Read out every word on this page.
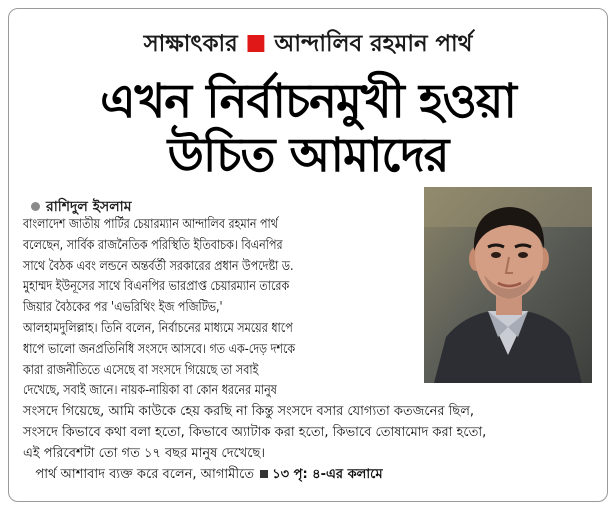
সাক্ষাৎকার আন্দালিব রহমান পার্থ
এখন নির্বাচনমুখী হওয়া
উচিত আমাদের
রাশিদুল ইসলাম
বাংলাদেশ জাতীয় পার্টির চেয়ারম্যান আন্দালিব রহমান পার্থ
বলেছেন, সার্বিক রাজনৈতিক পরিস্থিতি ইতিবাচক। বিএনপির
সাথে বৈঠক এবং লন্ডনে অন্তর্বর্তী সরকারের প্রধান উপদেষ্টা ড.
মুহাম্মদ ইউনূসের সাথে বিএনপির ভারপ্রাপ্ত চেয়ারম্যান তারেক
জিয়ার বৈঠকের পর 'এভরিথিং ইজ পজিটিভ,'
আলহামদুলিল্লাহ। তিনি বলেন, নির্বাচনের মাধ্যমে সময়ের ধাপে
ধাপে ভালো জনপ্রতিনিধি সংসদে আসবে। গত এক-দেড় দশকে
কারা রাজনীতিতে এসেছে বা সংসদে গিয়েছে তা সবাই
দেখেছে, সবাই জানে। নায়ক-নায়িকা বা কোন ধরনের মানুষ
সংসদে গিয়েছে, আমি কাউকে হেয় করছি না কিন্তু সংসদে বসার যোগ্যতা কতজনের ছিল,
সংসদে কিভাবে কথা বলা হতো, কিভাবে অ্যাটাক করা হতো, কিভাবে তোষামোদ করা হতো,
এই পরিবেশটা তো গত ১৭ বছর মানুষ দেখেছে।
পার্থ আশাবাদ ব্যক্ত করে বলেন, আগামীতে ১৩ পৃ: ৪-এর কলামে
